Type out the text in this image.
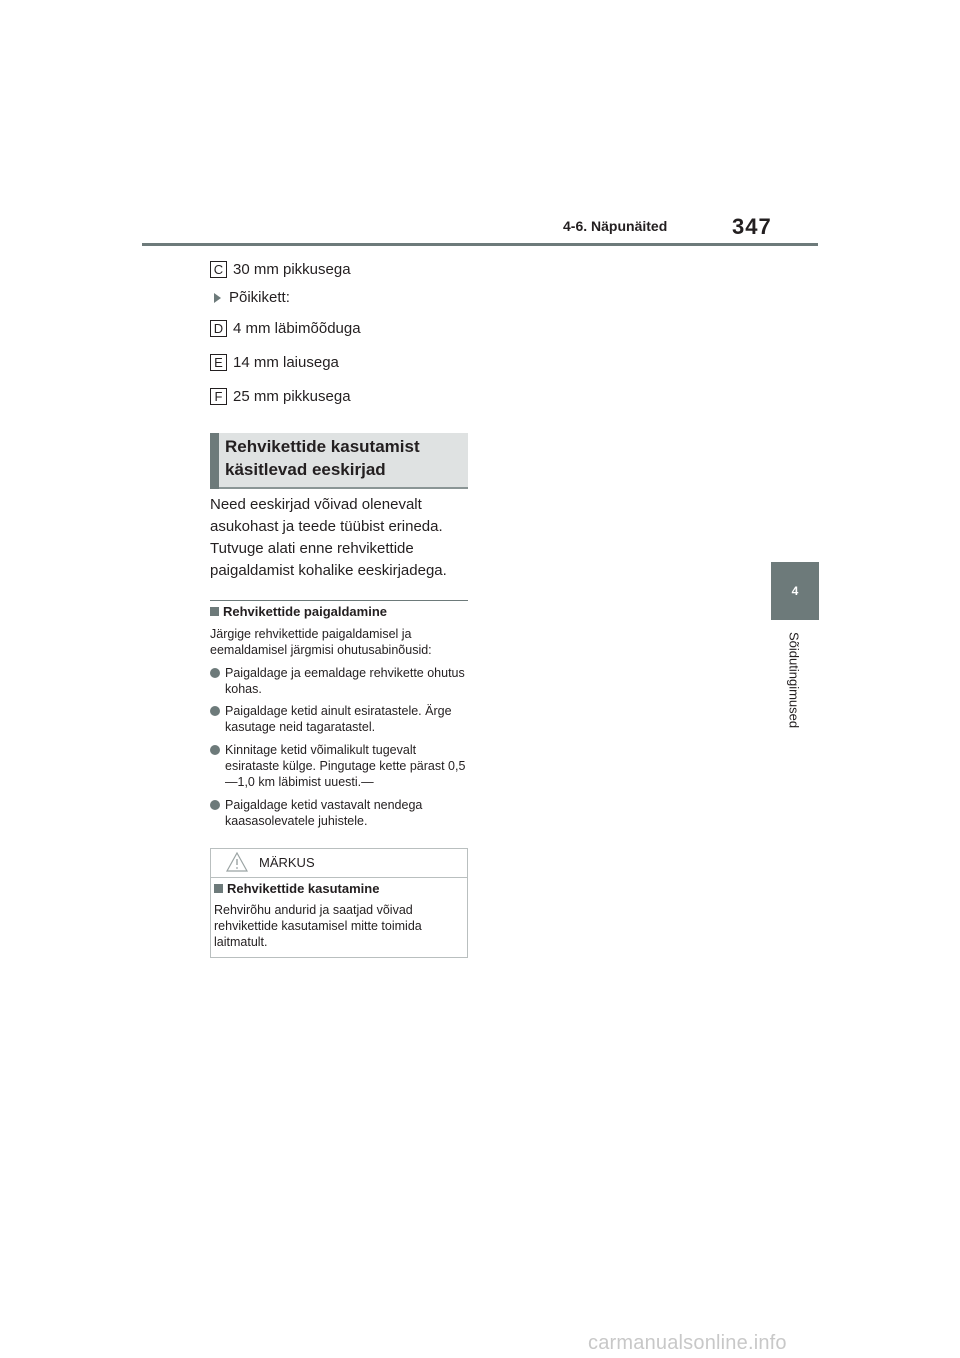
4-6. Näpunäited	347
4
Sõidutingimused
C 30 mm pikkusega
Põikikett:
D 4 mm läbimõõduga
E 14 mm laiusega
F 25 mm pikkusega
Rehvikettide kasutamist
käsitlevad eeskirjad
Need eeskirjad võivad olenevalt asukohast ja teede tüübist erineda. Tutvuge alati enne rehvikettide paigaldamist kohalike eeskirjadega.
Rehvikettide paigaldamine
Järgige rehvikettide paigaldamisel ja eemaldamisel järgmisi ohutusabinõusid:
Paigaldage ja eemaldage rehvikette ohutus kohas.
Paigaldage ketid ainult esiratastele. Ärge kasutage neid tagaratastel.
Kinnitage ketid võimalikult tugevalt esirataste külge. Pingutage kette pärast 0,5—1,0 km läbimist uuesti.—
Paigaldage ketid vastavalt nendega kaasasolevatele juhistele.
MÄRKUS
Rehvikettide kasutamine
Rehvirõhu andurid ja saatjad võivad rehvikettide kasutamisel mitte toimida laitmatult.
carmanualsonline.info
